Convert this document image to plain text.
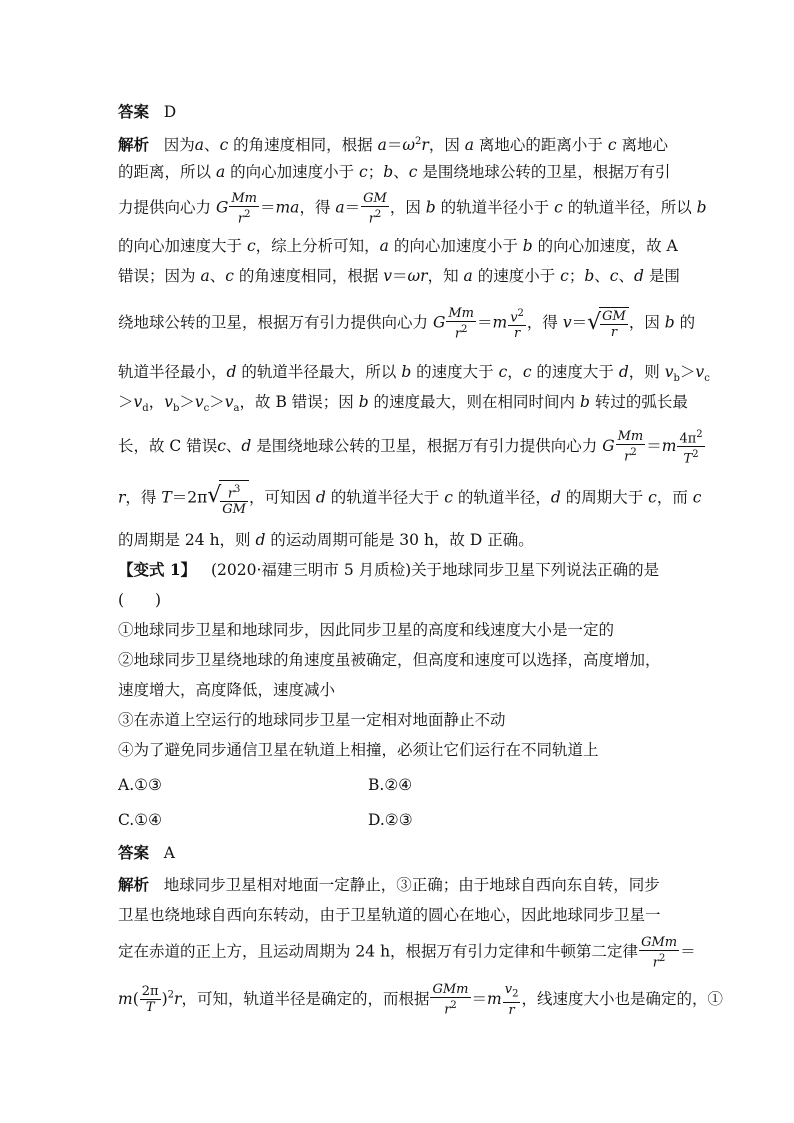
答案 D
解析   因为a、c 的角速度相同，根据 $a=\omega^2r$，因 a 离地心的距离小于 c 离地心
的距离，所以 a 的向心加速度小于 c；b、c 是围绕地球公转的卫星，根据万有引
力提供向心力 G $\frac{Mm}{r^2} =ma$，得 $a= \frac{GM}{r^2}$ ，因 b 的轨道半径小于 c 的轨道半径，所以 b
的向心加速度大于 c，综上分析可知，a 的向心加速度小于 b 的向心加速度，故 A
错误；因为 a、c 的角速度相同，根据 v＝ωr，知 a 的速度小于 c；b、c、d 是围
绕地球公转的卫星，根据万有引力提供向心力 G $\frac{Mm}{r^2} =m \frac{v^2}{r}$ ，得 v＝ √
$\frac{GM}{r}$ ，因 b 的
轨道半径最小，d 的轨道半径最大，所以 b 的速度大于 c，c 的速度大于 d，则 $v_b>v_c$
$>v_d$，$v_b>v_c>v_a$，故 B 错误；因 b 的速度最大，则在相同时间内 b 转过的弧长最
长，故 C 错误c、d 是围绕地球公转的卫星，根据万有引力提供向心力 G $\frac{Mm}{r^2} =m \frac{4\pi^2}{T^2}$
r，得 T＝2π √
$\frac{r^3}{GM}$ ，可知因 d 的轨道半径大于 c 的轨道半径，d 的周期大于 c，而 c
的周期是 24 h，则 d 的运动周期可能是 30 h，故 D 正确。
【变式 1】 (2020·福建三明市 5 月质检)关于地球同步卫星下列说法正确的是
(　　)
①地球同步卫星和地球同步，因此同步卫星的高度和线速度大小是一定的
②地球同步卫星绕地球的角速度虽被确定，但高度和速度可以选择，高度增加，
速度增大，高度降低，速度减小
③在赤道上空运行的地球同步卫星一定相对地面静止不动
④为了避免同步通信卫星在轨道上相撞，必须让它们运行在不同轨道上
A.①③	B.②④
C.①④	D.②③
答案 A
解析   地球同步卫星相对地面一定静止，③正确；由于地球自西向东自转，同步
卫星也绕地球自西向东转动，由于卫星轨道的圆心在地心，因此地球同步卫星一
定在赤道的正上方，且运动周期为 24 h，根据万有引力定律和牛顿第二定律 $\frac{\text{GMm}}{r^2}$ ＝
$m( \frac{2\pi}{T} )^2r$，可知，轨道半径是确定的，而根据 $\frac{\text{GMm}}{r^2} =m \frac{v_2}{r}$ ，线速度大小也是确定的，①
